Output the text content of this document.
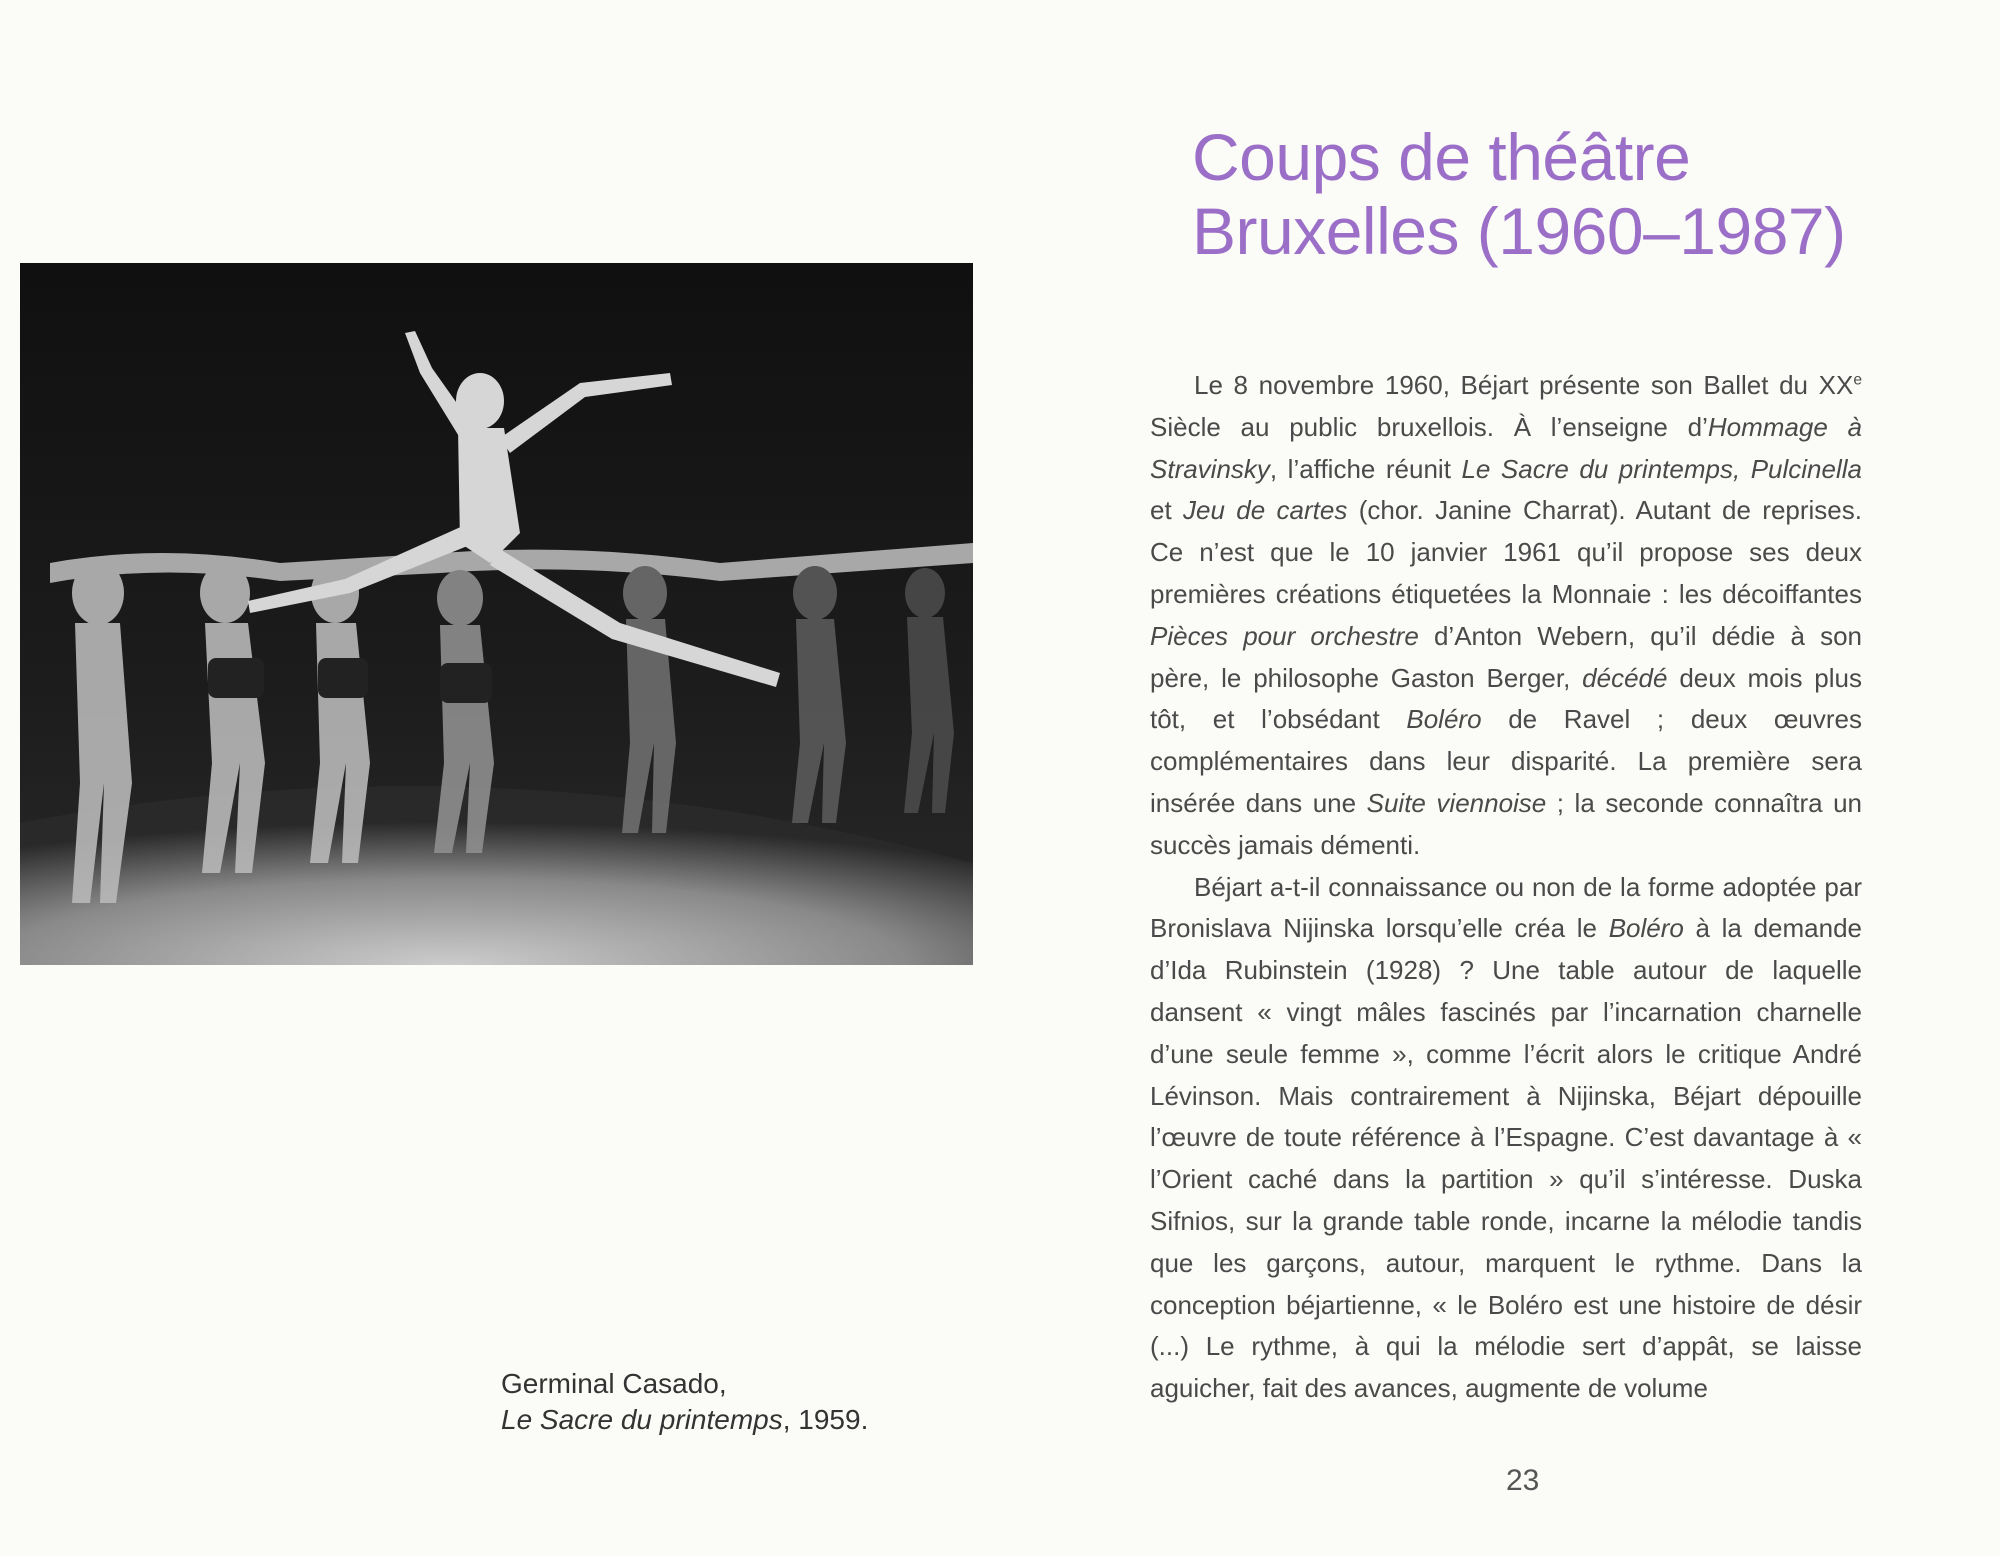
Germinal Casado,
Le Sacre du printemps, 1959.
Coups de théâtre
Bruxelles (1960–1987)

Le 8 novembre 1960, Béjart présente son Ballet du XXe Siècle au public bruxellois. À l’enseigne d’Hommage à Stravinsky, l’affiche réunit Le Sacre du printemps, Pulcinella et Jeu de cartes (chor. Janine Charrat). Autant de reprises. Ce n’est que le 10 janvier 1961 qu’il propose ses deux premières créations étiquetées la Monnaie : les décoiffantes Pièces pour orchestre d’Anton Webern, qu’il dédie à son père, le philosophe Gaston Berger, décédé deux mois plus tôt, et l’obsédant Boléro de Ravel ; deux œuvres complémentaires dans leur disparité. La première sera insérée dans une Suite viennoise ; la seconde connaîtra un succès jamais démenti.

Béjart a-t-il connaissance ou non de la forme adoptée par Bronislava Nijinska lorsqu’elle créa le Boléro à la demande d’Ida Rubinstein (1928) ? Une table autour de laquelle dansent « vingt mâles fascinés par l’incarnation charnelle d’une seule femme », comme l’écrit alors le critique André Lévinson. Mais contrairement à Nijinska, Béjart dépouille l’œuvre de toute référence à l’Espagne. C’est davantage à « l’Orient caché dans la partition » qu’il s’intéresse. Duska Sifnios, sur la grande table ronde, incarne la mélodie tandis que les garçons, autour, marquent le rythme. Dans la conception béjartienne, « le Boléro est une histoire de désir (...) Le rythme, à qui la mélodie sert d’appât, se laisse aguicher, fait des avances, augmente de volume

23
